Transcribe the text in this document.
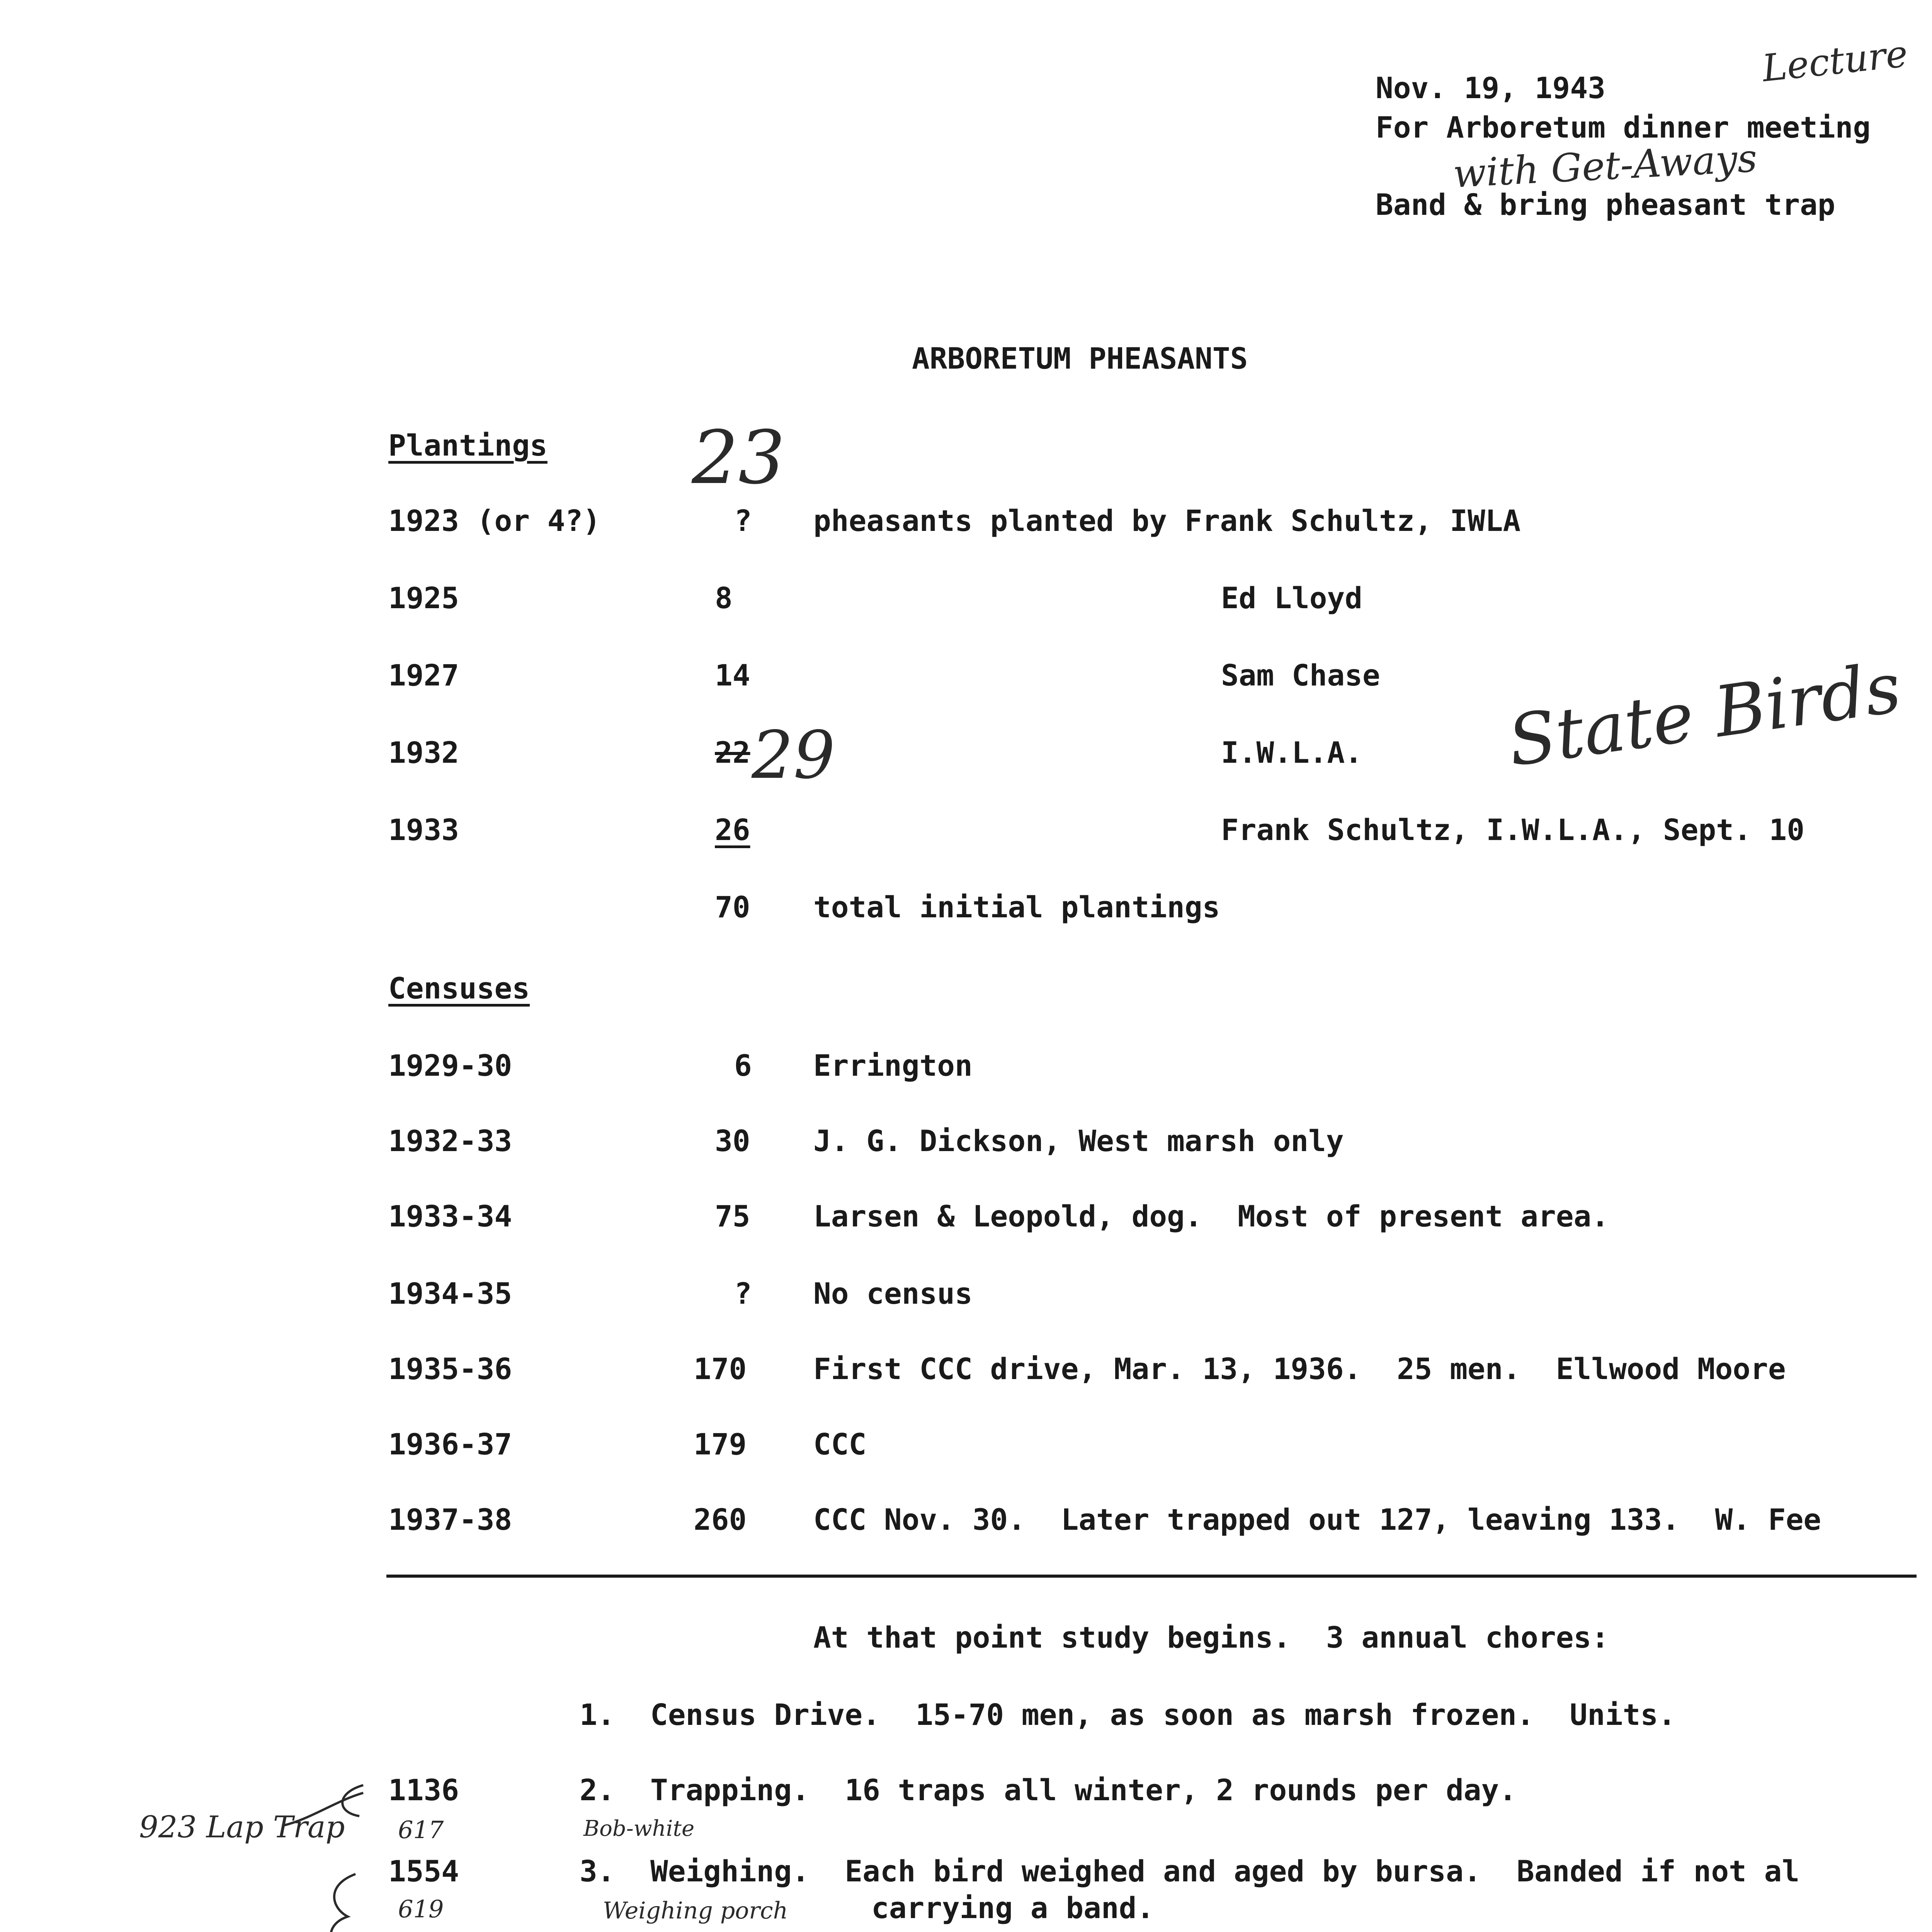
Nov. 19, 1943
For Arboretum dinner meeting
Band & bring pheasant trap
Lecture
with Get-Aways
ARBORETUM PHEASANTS
Plantings 23
1923 (or 4?)	? pheasants planted by Frank Schultz, IWLA
1925	8	Ed Lloyd
1927	14	Sam Chase
1932	22 29	I.W.L.A. State Birds
1933	26	Frank Schultz, I.W.L.A., Sept. 10
70 total initial plantings
Censuses
1929-30	6 Errington
1932-33	30 J. G. Dickson, West marsh only
1933-34	75 Larsen & Leopold, dog.  Most of present area.
1934-35	? No census
1935-36	170 First CCC drive, Mar. 13, 1936.  25 men.  Ellwood Moore
1936-37	179 CCC
1937-38	260 CCC Nov. 30.  Later trapped out 127, leaving 133.  W. Fee
At that point study begins.  3 annual chores:
1.  Census Drive.  15-70 men, as soon as marsh frozen.  Units.
923 Lap Trap
1136
617
2.  Trapping.  16 traps all winter, 2 rounds per day.
Bob-white
1554
619
3.  Weighing.  Each bird weighed and aged by bursa.  Banded if not al
Weighing porch	carrying a band.
